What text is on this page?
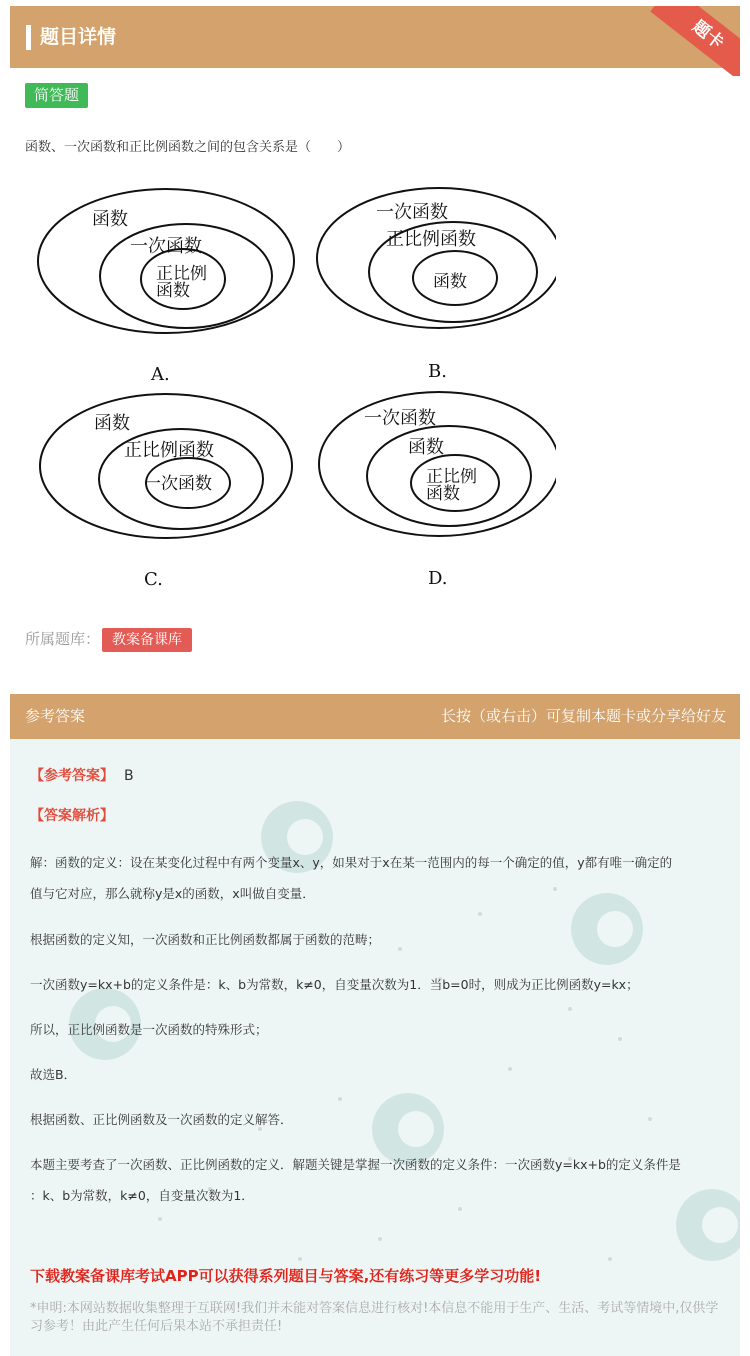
题目详情	题卡
简答题
函数、一次函数和正比例函数之间的包含关系是（　　）
函数
一次函数
正比例
函数
A.
一次函数
正比例函数
函数
B.
函数
正比例函数
一次函数
C.
一次函数
函数
正比例
函数
D.
所属题库： 教案备课库
参考答案	长按（或右击）可复制本题卡或分享给好友
【参考答案】 B
【答案解析】
解：函数的定义：设在某变化过程中有两个变量x、y，如果对于x在某一范围内的每一个确定的值，y都有唯一确定的
值与它对应，那么就称y是x的函数，x叫做自变量．
根据函数的定义知，一次函数和正比例函数都属于函数的范畴；
一次函数y=kx+b的定义条件是：k、b为常数，k≠0，自变量次数为1．当b=0时，则成为正比例函数y=kx；
所以，正比例函数是一次函数的特殊形式；
故选B．
根据函数、正比例函数及一次函数的定义解答．
本题主要考查了一次函数、正比例函数的定义．解题关键是掌握一次函数的定义条件：一次函数y=kx+b的定义条件是
：k、b为常数，k≠0，自变量次数为1．
下载教案备课库考试APP可以获得系列题目与答案,还有练习等更多学习功能!
*申明:本网站数据收集整理于互联网!我们并未能对答案信息进行核对!本信息不能用于生产、生活、考试等情境中,仅供学习参考！由此产生任何后果本站不承担责任!
